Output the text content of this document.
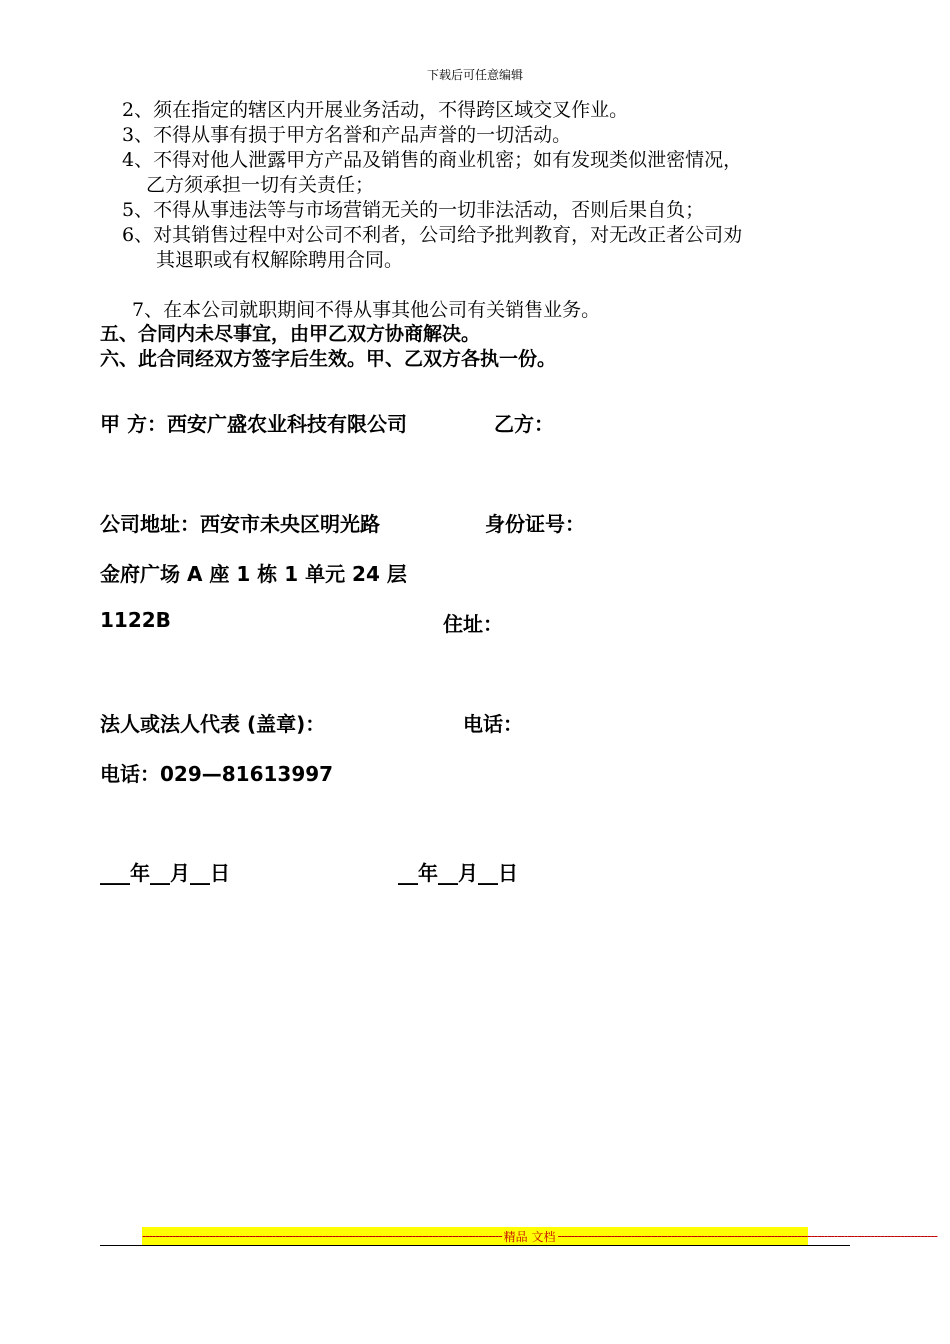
下载后可任意编辑
2、须在指定的辖区内开展业务活动，不得跨区域交叉作业。
3、不得从事有损于甲方名誉和产品声誉的一切活动。
4、不得对他人泄露甲方产品及销售的商业机密；如有发现类似泄密情况，
乙方须承担一切有关责任；
5、不得从事违法等与市场营销无关的一切非法活动，否则后果自负；
6、对其销售过程中对公司不利者，公司给予批判教育，对无改正者公司劝
其退职或有权解除聘用合同。
7、在本公司就职期间不得从事其他公司有关销售业务。
五、合同内未尽事宜，由甲乙双方协商解决。
六、此合同经双方签字后生效。甲、乙双方各执一份。
甲 方：西安广盛农业科技有限公司	乙方：
公司地址：西安市未央区明光路	身份证号：
金府广场 A 座 1 栋 1 单元 24 层
1122B	住址：
法人或法人代表 (盖章)：	电话：
电话：029—81613997
___年__月__日	__年__月__日
------------------------------------------------------------------------------------------------------------ 精品 文档 ------------------------------------------------------------------------------------------------------------------
